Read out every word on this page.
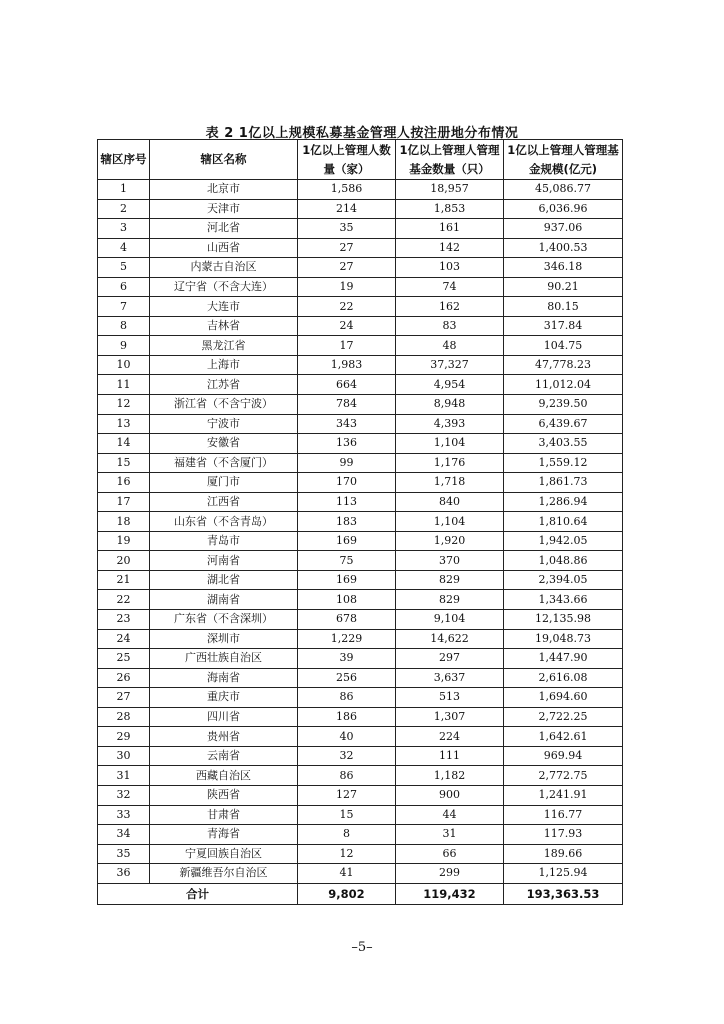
表 2 1亿以上规模私募基金管理人按注册地分布情况
辖区序号	辖区名称	1亿以上管理人数量（家）	1亿以上管理人管理基金数量（只）	1亿以上管理人管理基金规模(亿元)
1	北京市	1,586	18,957	45,086.77
2	天津市	214	1,853	6,036.96
3	河北省	35	161	937.06
4	山西省	27	142	1,400.53
5	内蒙古自治区	27	103	346.18
6	辽宁省（不含大连）	19	74	90.21
7	大连市	22	162	80.15
8	吉林省	24	83	317.84
9	黑龙江省	17	48	104.75
10	上海市	1,983	37,327	47,778.23
11	江苏省	664	4,954	11,012.04
12	浙江省（不含宁波）	784	8,948	9,239.50
13	宁波市	343	4,393	6,439.67
14	安徽省	136	1,104	3,403.55
15	福建省（不含厦门）	99	1,176	1,559.12
16	厦门市	170	1,718	1,861.73
17	江西省	113	840	1,286.94
18	山东省（不含青岛）	183	1,104	1,810.64
19	青岛市	169	1,920	1,942.05
20	河南省	75	370	1,048.86
21	湖北省	169	829	2,394.05
22	湖南省	108	829	1,343.66
23	广东省（不含深圳）	678	9,104	12,135.98
24	深圳市	1,229	14,622	19,048.73
25	广西壮族自治区	39	297	1,447.90
26	海南省	256	3,637	2,616.08
27	重庆市	86	513	1,694.60
28	四川省	186	1,307	2,722.25
29	贵州省	40	224	1,642.61
30	云南省	32	111	969.94
31	西藏自治区	86	1,182	2,772.75
32	陕西省	127	900	1,241.91
33	甘肃省	15	44	116.77
34	青海省	8	31	117.93
35	宁夏回族自治区	12	66	189.66
36	新疆维吾尔自治区	41	299	1,125.94
合计		9,802	119,432	193,363.53
–5–
